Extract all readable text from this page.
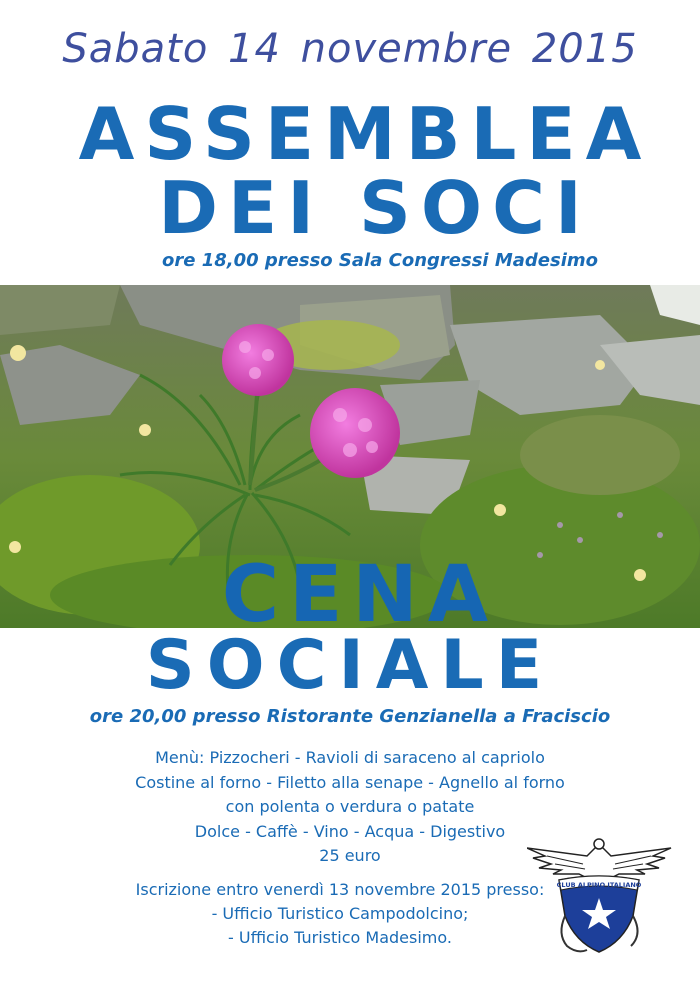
Sabato 14 novembre 2015
ASSEMBLEA
DEI SOCI
ore 18,00 presso Sala Congressi Madesimo
CENA
SOCIALE
ore 20,00 presso Ristorante Genzianella a Fraciscio
Menù: Pizzocheri - Ravioli di saraceno al capriolo
Costine al forno - Filetto alla senape - Agnello al forno
con polenta o verdura o patate
Dolce - Caffè - Vino - Acqua - Digestivo
25 euro
Iscrizione entro venerdì 13 novembre 2015 presso:
- Ufficio Turistico Campodolcino;
- Ufficio Turistico Madesimo.
CLUB ALPINO ITALIANO
